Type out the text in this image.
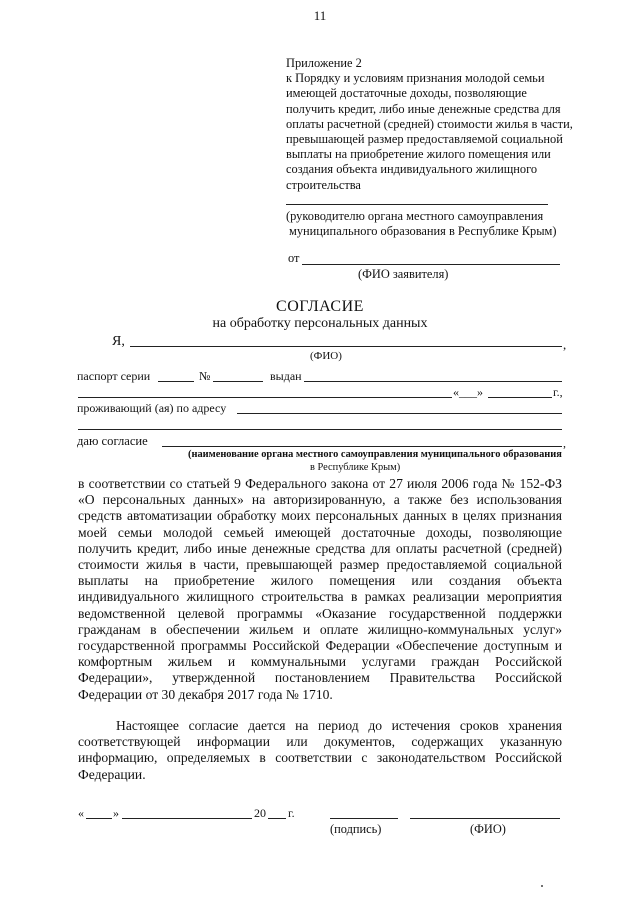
11
Приложение 2
к Порядку и условиям признания молодой семьи
имеющей достаточные доходы, позволяющие
получить кредит, либо иные денежные средства для
оплаты расчетной (средней) стоимости жилья в части,
превышающей размер предоставляемой социальной
выплаты на приобретение жилого помещения или
создания объекта индивидуального жилищного
строительства
(руководителю органа местного самоуправления
муниципального образования в Республике Крым)
от
(ФИО заявителя)
СОГЛАСИЕ
на обработку персональных данных
Я,	,
(ФИО)
паспорт серии	№	выдан
«___»	г.,
проживающий (ая) по адресу
даю согласие	,
(наименование органа местного самоуправления муниципального образования
в Республике Крым)
в соответствии со статьей 9 Федерального закона от 27 июля 2006 года № 152-ФЗ «О персональных данных» на авторизированную, а также без использования средств автоматизации обработку моих персональных данных в целях признания моей семьи молодой семьей имеющей достаточные доходы, позволяющие получить кредит, либо иные денежные средства для оплаты расчетной (средней) стоимости жилья в части, превышающей размер предоставляемой социальной выплаты на приобретение жилого помещения или создания объекта индивидуального жилищного строительства в рамках реализации мероприятия ведомственной целевой программы «Оказание государственной поддержки гражданам в обеспечении жильем и оплате жилищно-коммунальных услуг» государственной программы Российской Федерации «Обеспечение доступным и комфортным жильем и коммунальными услугами граждан Российской Федерации», утвержденной постановлением Правительства Российской Федерации от 30 декабря 2017 года № 1710.
Настоящее согласие дается на период до истечения сроков хранения соответствующей информации или документов, содержащих указанную информацию, определяемых в соответствии с законодательством Российской Федерации.
« »	20 г.
(подпись)	(ФИО)
